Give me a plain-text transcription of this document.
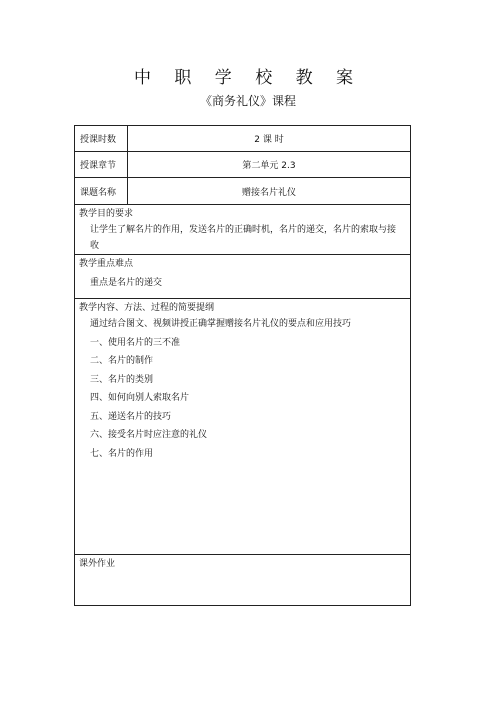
中 职 学 校 教 案
《商务礼仪》课程
授课时数	2 课 时
授课章节	第二单元 2.3
课题名称	赠接名片礼仪
教学目的要求
让学生了解名片的作用，发送名片的正确时机，名片的递交，名片的索取与接收
教学重点难点
重点是名片的递交
教学内容、方法、过程的简要提纲
通过结合图文、视频讲授正确掌握赠接名片礼仪的要点和应用技巧
一、使用名片的三不准
二、名片的制作
三、名片的类别
四、如何向别人索取名片
五、递送名片的技巧
六、接受名片时应注意的礼仪
七、名片的作用
课外作业
